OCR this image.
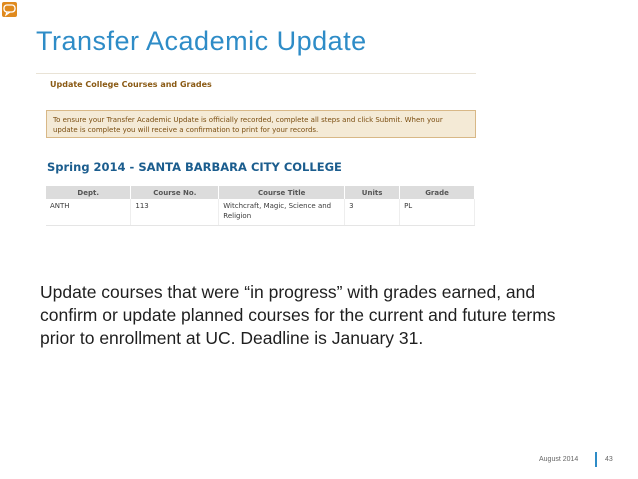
Transfer Academic Update
Update College Courses and Grades
To ensure your Transfer Academic Update is officially recorded, complete all steps and click Submit. When your update is complete you will receive a confirmation to print for your records.
Spring 2014 - SANTA BARBARA CITY COLLEGE
Dept.	Course No.	Course Title	Units	Grade
ANTH	113	Witchcraft, Magic, Science and Religion	3	PL
Update courses that were “in progress” with grades earned, and confirm or update planned courses for the current and future terms prior to enrollment at UC. Deadline is January 31.
August 2014	43
